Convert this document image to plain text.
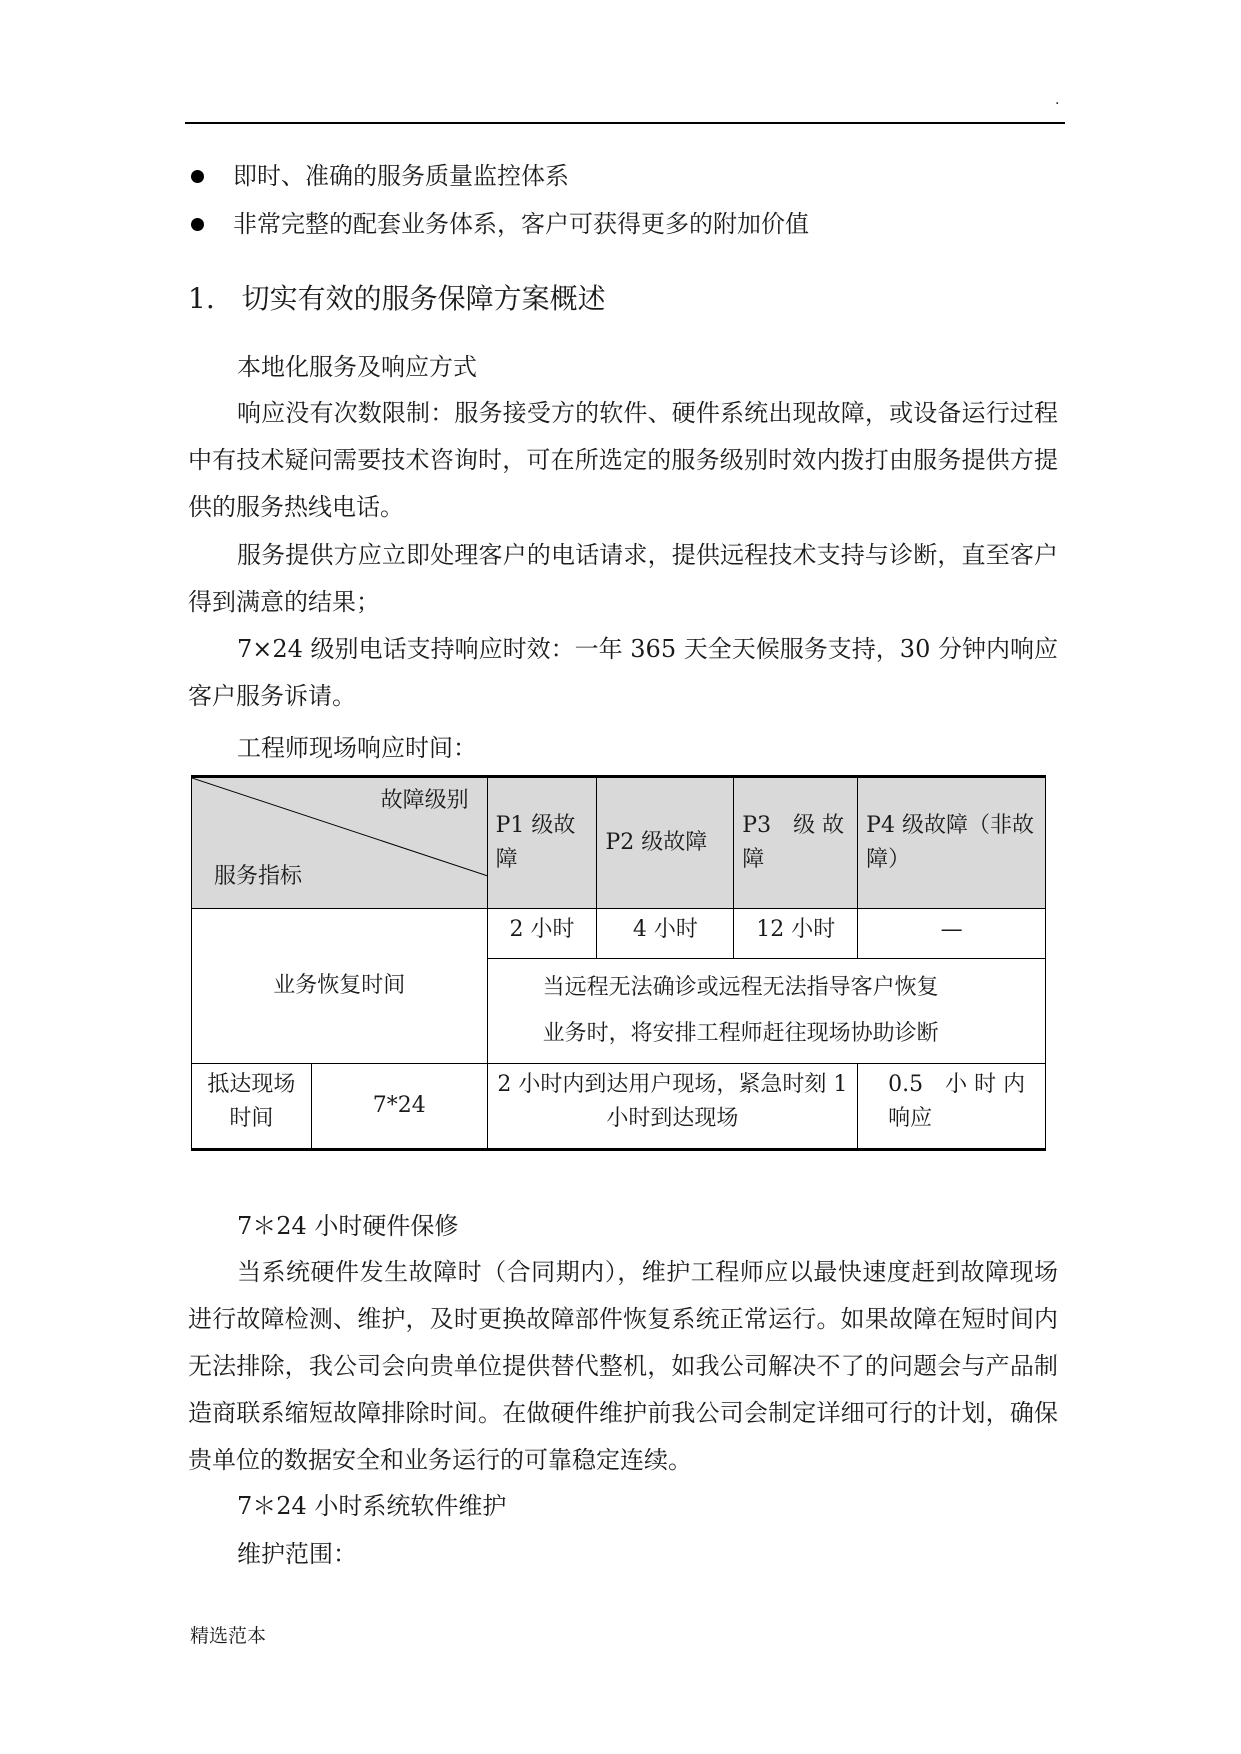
.
即时、准确的服务质量监控体系
非常完整的配套业务体系，客户可获得更多的附加价值
1. 切实有效的服务保障方案概述
本地化服务及响应方式
响应没有次数限制：服务接受方的软件、硬件系统出现故障，或设备运行过程中有技术疑问需要技术咨询时，可在所选定的服务级别时效内拨打由服务提供方提供的服务热线电话。
服务提供方应立即处理客户的电话请求，提供远程技术支持与诊断，直至客户得到满意的结果；
7×24 级别电话支持响应时效：一年 365 天全天候服务支持，30 分钟内响应客户服务诉请。
工程师现场响应时间：
故障级别
服务指标		P1 级故障	P2 级故障	P3　级 故障	P4 级故障（非故障）
业务恢复时间		2 小时	4 小时	12 小时	—

		当远程无法确诊或远程无法指导客户恢复
业务时，将安排工程师赶往现场协助诊断			

抵达现场时间	7*24	2 小时内到达用户现场，紧急时刻 1 小时到达现场			0.5　小 时 内 响应
7＊24 小时硬件保修
当系统硬件发生故障时（合同期内），维护工程师应以最快速度赶到故障现场进行故障检测、维护，及时更换故障部件恢复系统正常运行。如果故障在短时间内无法排除，我公司会向贵单位提供替代整机，如我公司解决不了的问题会与产品制造商联系缩短故障排除时间。在做硬件维护前我公司会制定详细可行的计划，确保贵单位的数据安全和业务运行的可靠稳定连续。
7＊24 小时系统软件维护
维护范围：
精选范本
